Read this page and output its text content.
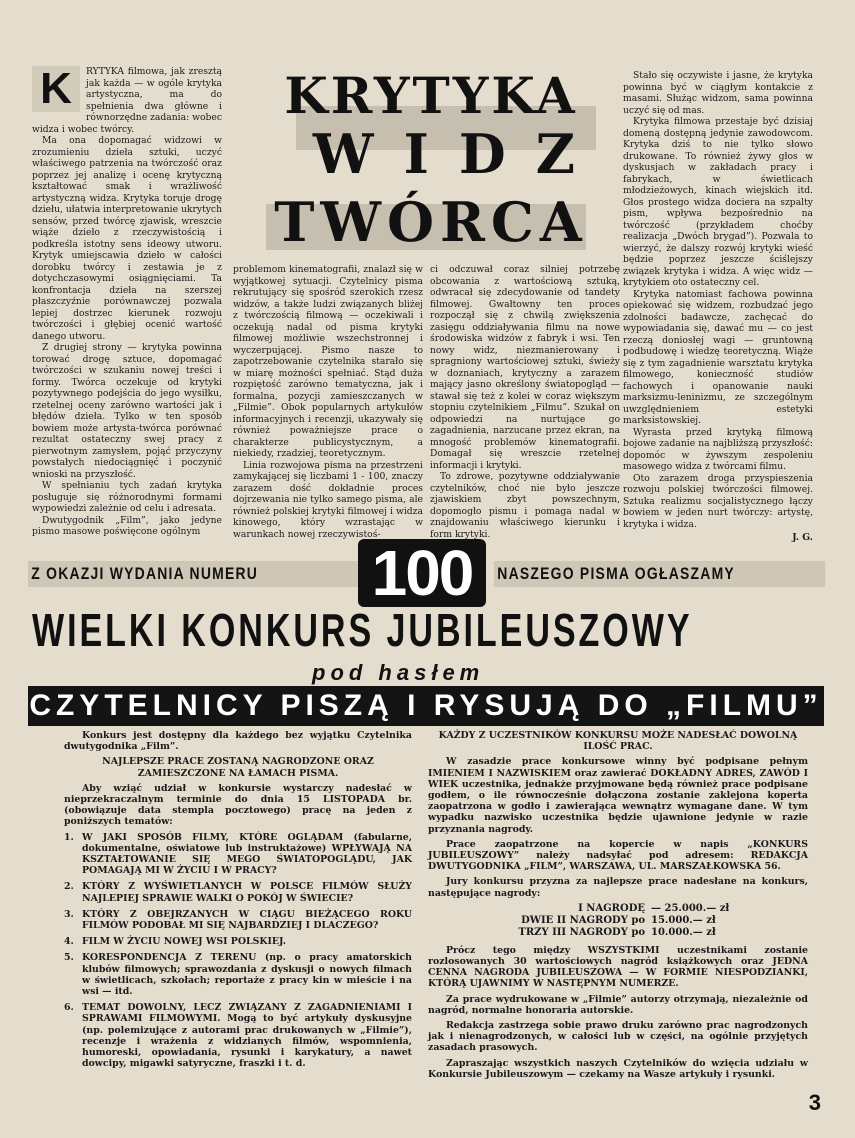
KRYTYKA
WIDZ
TWÓRCA

K	RYTYKA filmowa, jak zresztą jak każda — w ogóle krytyka artystyczna, ma do spełnienia dwa główne i równorzędne zadania: wobec widza i wobec twórcy.

Ma ona dopomagać widzowi w zrozumieniu dzieła sztuki, uczyć właściwego patrzenia na twórczość oraz poprzez jej analizę i ocenę krytyczną kształtować smak i wrażliwość artystyczną widza. Krytyka toruje drogę dziełu, ułatwia interpretowanie ukrytych sensów, przed twórcę zjawisk, wreszcie wiąże dzieło z rzeczywistością i podkreśla istotny sens ideowy utworu. Krytyk umiejscawia dzieło w całości dorobku twórcy i zestawia je z dotychczasowymi osiągnięciami. Ta konfrontacja dzieła na szerszej płaszczyźnie porównawczej pozwala lepiej dostrzec kierunek rozwoju twórczości i głębiej ocenić wartość danego utworu.

Z drugiej strony — krytyka powinna torować drogę sztuce, dopomagać twórczości w szukaniu nowej treści i formy. Twórca oczekuje od krytyki pozytywnego podejścia do jego wysiłku, rzetelnej oceny zarówno wartości jak i błędów dzieła. Tylko w ten sposób bowiem może artysta-twórca porównać rezultat ostateczny swej pracy z pierwotnym zamysłem, pojąć przyczyny powstałych niedociągnięć i poczynić wnioski na przyszłość.

W spełnianiu tych zadań krytyka posługuje się różnorodnymi formami wypowiedzi zależnie od celu i adresata.

Dwutygodnik „Film”, jako jedyne pismo masowe poświęcone ogólnym

problemom kinematografii, znalazł się w wyjątkowej sytuacji. Czytelnicy pisma rekrutujący się spośród szerokich rzesz widzów, a także ludzi związanych bliżej z twórczością filmową — oczekiwali i oczekują nadal od pisma krytyki filmowej możliwie wszechstronnej i wyczerpującej. Pismo nasze to zapotrzebowanie czytelnika starało się w miarę możności spełniać. Stąd duża rozpiętość zarówno tematyczna, jak i formalna, pozycji zamieszczanych w „Filmie”. Obok popularnych artykułów informacyjnych i recenzji, ukazywały się również poważniejsze prace o charakterze publicystycznym, a niekiedy, rzadziej, teoretycznym.

Linia rozwojowa pisma na przestrzeni zamykającej się liczbami 1 - 100, znaczy zarazem dość dokładnie proces dojrzewania nie tylko samego pisma, ale również polskiej krytyki filmowej i widza kinowego, który wzrastając w warunkach nowej rzeczywistoś-

ci odczuwał coraz silniej potrzebę obcowania z wartościową sztuką, odwracał się zdecydowanie od tandety filmowej. Gwałtowny ten proces rozpoczął się z chwilą zwiększenia zasięgu oddziaływania filmu na nowe środowiska widzów z fabryk i wsi. Ten nowy widz, niezmanierowany i spragniony wartościowej sztuki, świeży w doznaniach, krytyczny a zarazem mający jasno określony światopogląd — stawał się też z kolei w coraz większym stopniu czytelnikiem „Filmu”. Szukał on odpowiedzi na nurtujące go zagadnienia, narzucane przez ekran, na mnogość problemów kinematografii. Domagał się wreszcie rzetelnej informacji i krytyki.

To zdrowe, pozytywne oddziaływanie czytelników, choć nie było jeszcze zjawiskiem zbyt powszechnym, dopomogło pismu i pomaga nadal w znajdowaniu właściwego kierunku i form krytyki.

Stało się oczywiste i jasne, że krytyka powinna być w ciągłym kontakcie z masami. Służąc widzom, sama powinna uczyć się od mas.

Krytyka filmowa przestaje być dzisiaj domeną dostępną jedynie zawodowcom. Krytyka dziś to nie tylko słowo drukowane. To również żywy głos w dyskusjach w zakładach pracy i fabrykach, w świetlicach młodzieżowych, kinach wiejskich itd. Głos prostego widza dociera na szpalty pism, wpływa bezpośrednio na twórczość (przykładem choćby realizacja „Dwóch brygad”). Pozwala to wierzyć, że dalszy rozwój krytyki wieść będzie poprzez jeszcze ściślejszy związek krytyka i widza. A więc widz — krytykiem oto ostateczny cel.

Krytyka natomiast fachowa powinna opiekować się widzem, rozbudzać jego zdolności badawcze, zachęcać do wypowiadania się, dawać mu — co jest rzeczą doniosłej wagi — gruntowną podbudowę i wiedzę teoretyczną. Wiąże się z tym zagadnienie warsztatu krytyka filmowego, konieczność studiów fachowych i opanowanie nauki marksizmu-leninizmu, ze szczególnym uwzględnieniem estetyki marksistowskiej.

Wyrasta przed krytyką filmową bojowe zadanie na najbliższą przyszłość: dopomóc w żywszym zespoleniu masowego widza z twórcami filmu.

Oto zarazem droga przyspieszenia rozwoju polskiej twórczości filmowej. Sztuka realizmu socjalistycznego łączy bowiem w jeden nurt twórczy: artystę, krytyka i widza.

J. G.
Z OKAZJI WYDANIA NUMERU	100	NASZEGO PISMA OGŁASZAMY
WIELKI KONKURS JUBILEUSZOWY
pod hasłem
CZYTELNICY PISZĄ I RYSUJĄ DO „FILMU”

Konkurs jest dostępny dla każdego bez wyjątku Czytelnika dwutygodnika „Film”.

NAJLEPSZE PRACE ZOSTANĄ NAGRODZONE ORAZ ZAMIESZCZONE NA ŁAMACH PISMA.

Aby wziąć udział w konkursie wystarczy nadesłać w nieprzekraczalnym terminie do dnia 15 LISTOPADA br. (obowiązuje data stempla pocztowego) pracę na jeden z poniższych tematów:

1. W JAKI SPOSÓB FILMY, KTÓRE OGLĄDAM (fabularne, dokumentalne, oświatowe lub instruktażowe) WPŁYWAJĄ NA KSZTAŁTOWANIE SIĘ MEGO ŚWIATOPOGLĄDU, JAK POMAGAJĄ MI W ŻYCIU I W PRACY?
2. KTÓRY Z WYŚWIETLANYCH W POLSCE FILMÓW SŁUŻY NAJLEPIEJ SPRAWIE WALKI O POKÓJ W ŚWIECIE?
3. KTÓRY Z OBEJRZANYCH W CIĄGU BIEŻĄCEGO ROKU FILMÓW PODOBAŁ MI SIĘ NAJBARDZIEJ I DLACZEGO?
4. FILM W ŻYCIU NOWEJ WSI POLSKIEJ.
5. KORESPONDENCJA Z TERENU (np. o pracy amatorskich klubów filmowych; sprawozdania z dyskusji o nowych filmach w świetlicach, szkołach; reportaże z pracy kin w mieście i na wsi — itd.
6. TEMAT DOWOLNY, LECZ ZWIĄZANY Z ZAGADNIENIAMI I SPRAWAMI FILMOWYMI. Mogą to być artykuły dyskusyjne (np. polemizujące z autorami prac drukowanych w „Filmie”), recenzje i wrażenia z widzianych filmów, wspomnienia, humoreski, opowiadania, rysunki i karykatury, a nawet dowcipy, migawki satyryczne, fraszki i t. d.

KAŻDY Z UCZESTNIKÓW KONKURSU MOŻE NADESŁAĆ DOWOLNĄ ILOŚĆ PRAC.

W zasadzie prace konkursowe winny być podpisane pełnym IMIENIEM I NAZWISKIEM oraz zawierać DOKŁADNY ADRES, ZAWÓD I WIEK uczestnika, jednakże przyjmowane będą również prace podpisane godłem, o ile równocześnie dołączona zostanie zaklejona koperta zaopatrzona w godło i zawierająca wewnątrz wymagane dane. W tym wypadku nazwisko uczestnika będzie ujawnione jedynie w razie przyznania nagrody.

Prace zaopatrzone na kopercie w napis „KONKURS JUBILEUSZOWY” należy nadsyłać pod adresem: REDAKCJA DWUTYGODNIKA „FILM”, WARSZAWA, UL. MARSZAŁKOWSKA 56.

Jury konkursu przyzna za najlepsze prace nadesłane na konkurs, następujące nagrody:

I NAGRODĘ — 25.000.— zł
DWIE II NAGRODY po 15.000.— zł
TRZY III NAGRODY po 10.000.— zł

Prócz tego między WSZYSTKIMI uczestnikami zostanie rozlosowanych 30 wartościowych nagród książkowych oraz JEDNA CENNA NAGRODA JUBILEUSZOWA — W FORMIE NIESPODZIANKI, KTÓRĄ UJAWNIMY W NASTĘPNYM NUMERZE.

Za prace wydrukowane w „Filmie” autorzy otrzymają, niezależnie od nagród, normalne honoraria autorskie.

Redakcja zastrzega sobie prawo druku zarówno prac nagrodzonych jak i nienagrodzonych, w całości lub w części, na ogólnie przyjętych zasadach prasowych.

Zapraszając wszystkich naszych Czytelników do wzięcia udziału w Konkursie Jubileuszowym — czekamy na Wasze artykuły i rysunki.

3
